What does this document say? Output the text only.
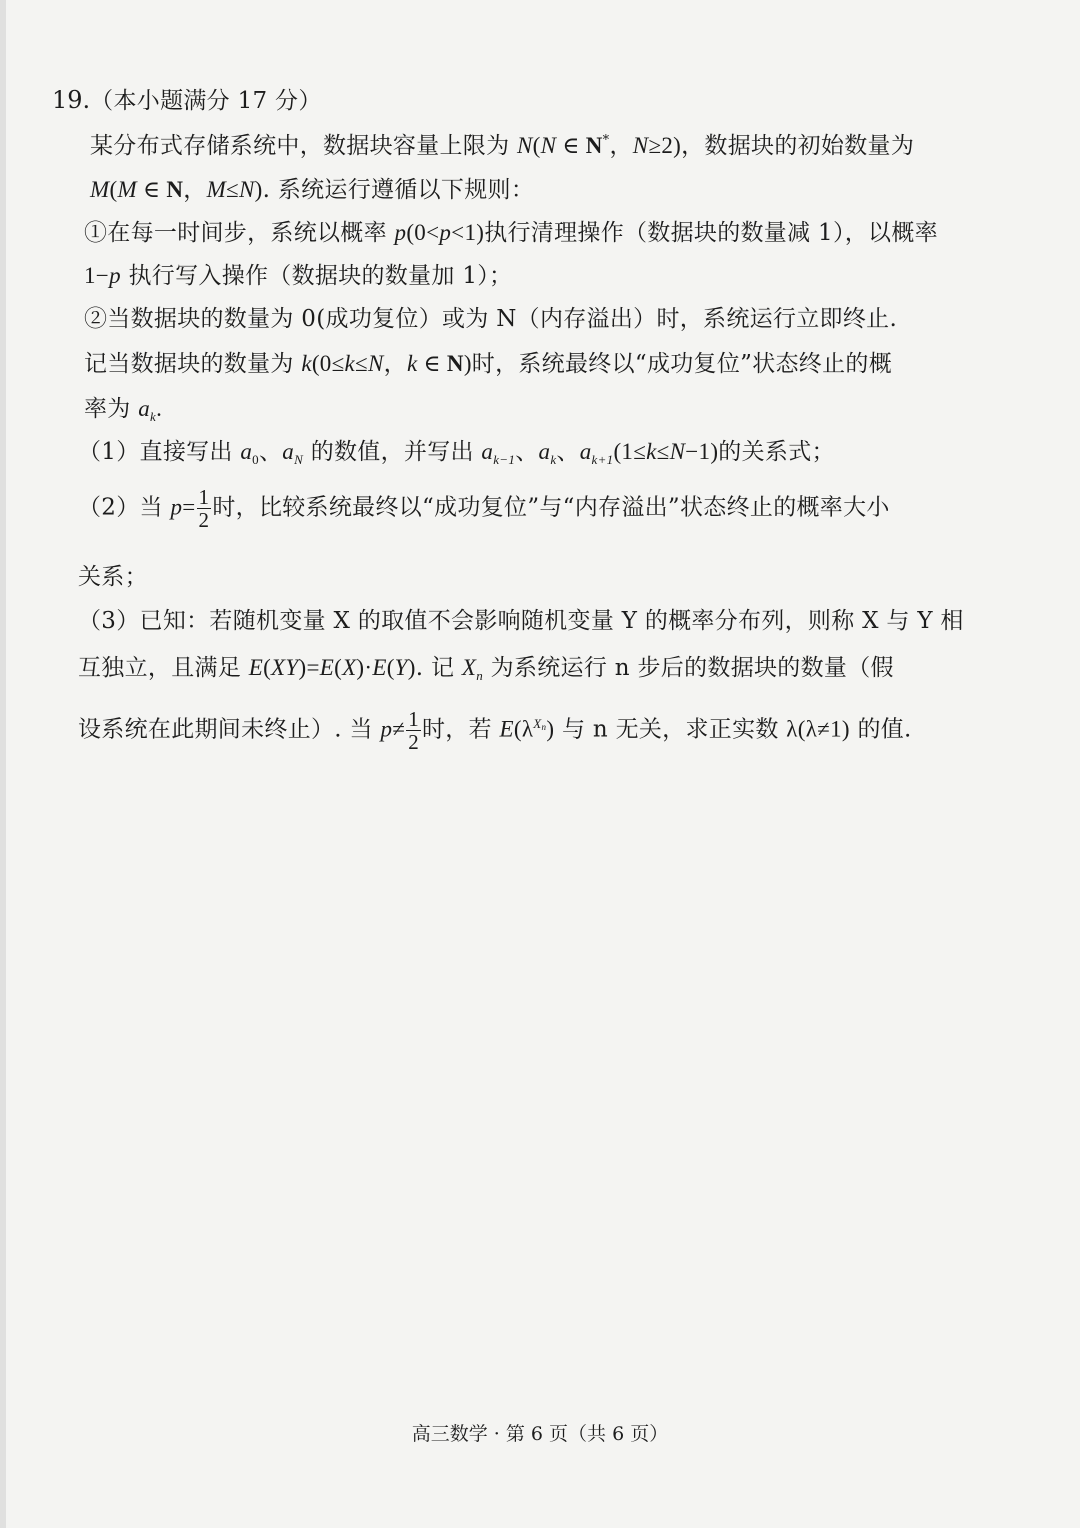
19.（本小题满分 17 分）
某分布式存储系统中，数据块容量上限为 N(N ∈ N*，N≥2)，数据块的初始数量为
M(M ∈ N，M≤N). 系统运行遵循以下规则：
①在每一时间步，系统以概率 p(0<p<1)执行清理操作（数据块的数量减 1），以概率
1−p 执行写入操作（数据块的数量加 1）；
②当数据块的数量为 0(成功复位）或为 N（内存溢出）时，系统运行立即终止.
记当数据块的数量为 k(0≤k≤N，k ∈ N)时，系统最终以“成功复位”状态终止的概
率为 $a_k$.
（1）直接写出 $a_0$、$a_N$ 的数值，并写出 $a_{k-1}$、$a_k$、$a_{k+1}(1\le k\le N-1)$的关系式；
（2）当 $p= \frac{1}{2}$ 时，比较系统最终以“成功复位”与“内存溢出”状态终止的概率大小
关系；
（3）已知：若随机变量 X 的取值不会影响随机变量 Y 的概率分布列，则称 X 与 Y 相
互独立，且满足 E(XY)=E(X)·E(Y). 记 $X_n$ 为系统运行 n 步后的数据块的数量（假
设系统在此期间未终止）. 当 $p\ne \frac{1}{2}$ 时，若 $E(\lambda^{X_n})$ 与 n 无关，求正实数 λ(λ≠1) 的值.
高三数学 · 第 6 页（共 6 页）
